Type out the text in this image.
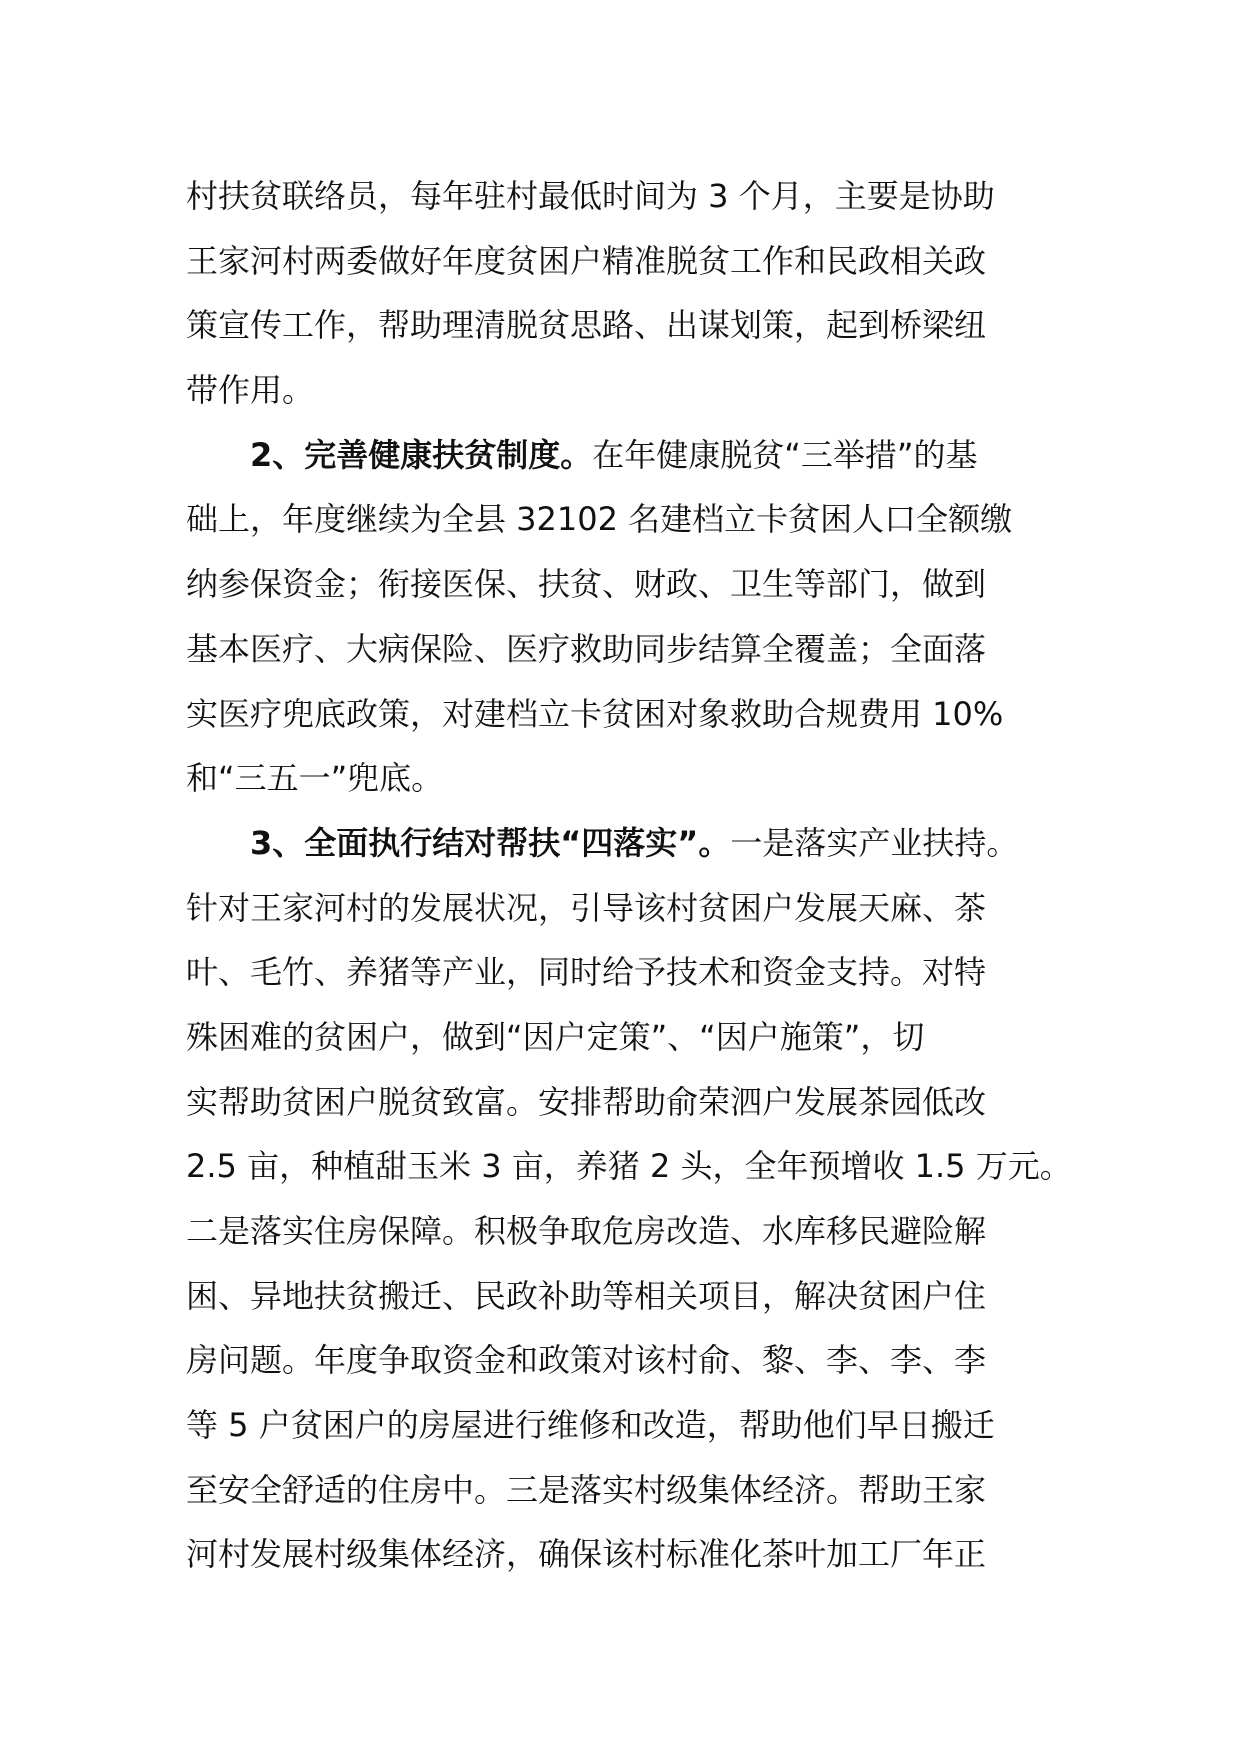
村扶贫联络员，每年驻村最低时间为 3 个月，主要是协助
王家河村两委做好年度贫困户精准脱贫工作和民政相关政
策宣传工作，帮助理清脱贫思路、出谋划策，起到桥梁纽
带作用。
2、完善健康扶贫制度。在年健康脱贫“三举措”的基
础上，年度继续为全县 32102 名建档立卡贫困人口全额缴
纳参保资金；衔接医保、扶贫、财政、卫生等部门，做到
基本医疗、大病保险、医疗救助同步结算全覆盖；全面落
实医疗兜底政策，对建档立卡贫困对象救助合规费用 10%
和“三五一”兜底。
3、全面执行结对帮扶“四落实”。一是落实产业扶持。
针对王家河村的发展状况，引导该村贫困户发展天麻、茶
叶、毛竹、养猪等产业，同时给予技术和资金支持。对特
殊困难的贫困户，做到“因户定策”、“因户施策”，切
实帮助贫困户脱贫致富。安排帮助俞荣泗户发展茶园低改
2.5 亩，种植甜玉米 3 亩，养猪 2 头，全年预增收 1.5 万元。
二是落实住房保障。积极争取危房改造、水库移民避险解
困、异地扶贫搬迁、民政补助等相关项目，解决贫困户住
房问题。年度争取资金和政策对该村俞、黎、李、李、李
等 5 户贫困户的房屋进行维修和改造，帮助他们早日搬迁
至安全舒适的住房中。三是落实村级集体经济。帮助王家
河村发展村级集体经济，确保该村标准化茶叶加工厂年正
